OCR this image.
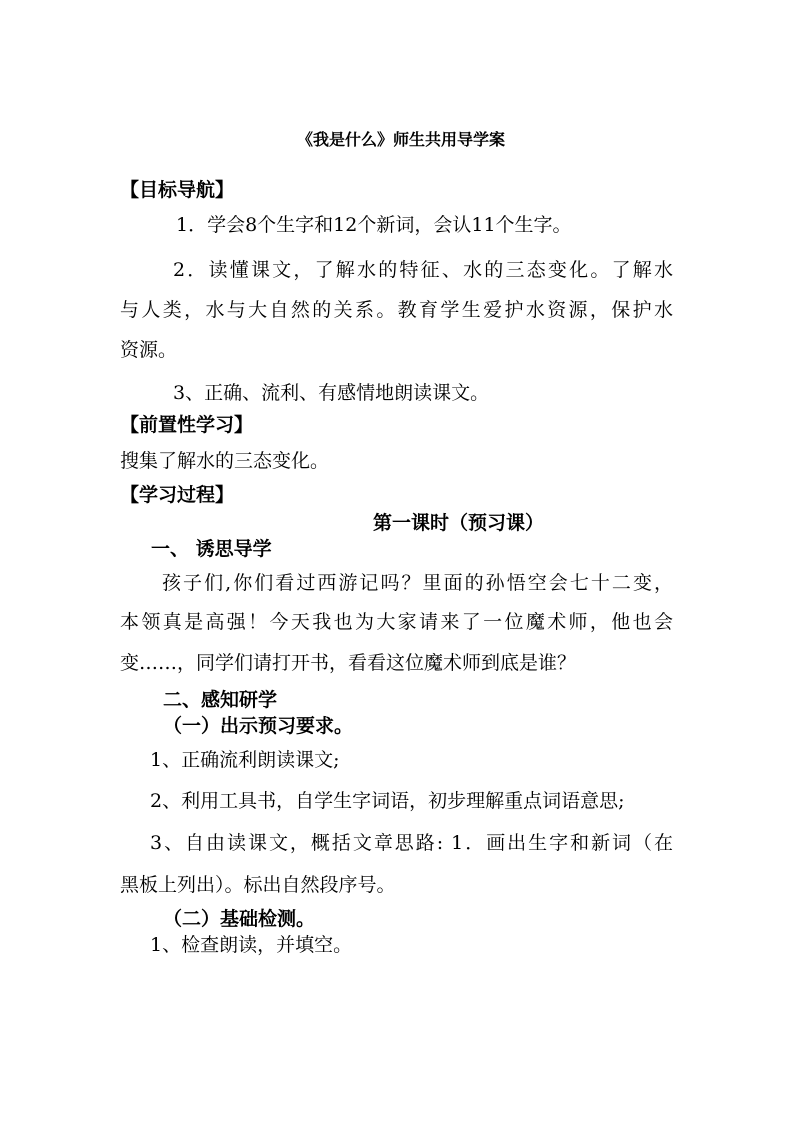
《我是什么》师生共用导学案
【目标导航】
1．学会8个生字和12个新词，会认11个生字。
2．读懂课文，了解水的特征、水的三态变化。了解水
与人类，水与大自然的关系。教育学生爱护水资源，保护水
资源。
3、正确、流利、有感情地朗读课文。
【前置性学习】
搜集了解水的三态变化。
【学习过程】
第一课时（预习课）
一、 诱思导学
孩子们,你们看过西游记吗？里面的孙悟空会七十二变，
本领真是高强！今天我也为大家请来了一位魔术师，他也会
变……，同学们请打开书，看看这位魔术师到底是谁？
二、感知研学
（一）出示预习要求。
1、正确流利朗读课文;
2、利用工具书，自学生字词语，初步理解重点词语意思;
3、自由读课文，概括文章思路: 1．画出生字和新词（在
黑板上列出）。标出自然段序号。
（二）基础检测。
1、检查朗读，并填空。
